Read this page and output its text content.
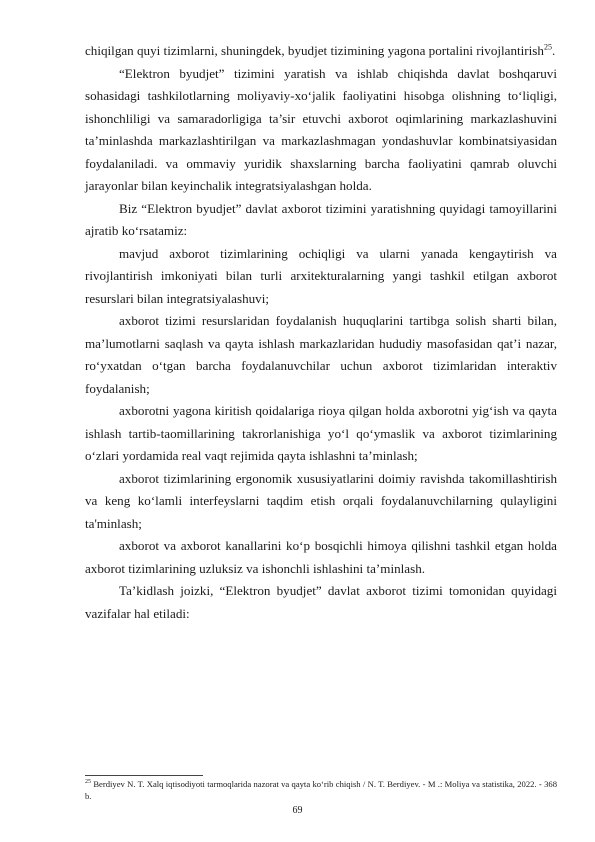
chiqilgan quyi tizimlarni, shuningdek, byudjet tizimining yagona portalini rivojlantirish$^{25}$.

“Elektron byudjet” tizimini yaratish va ishlab chiqishda davlat boshqaruvi sohasidagi tashkilotlarning moliyaviy-xo‘jalik faoliyatini hisobga olishning to‘liqligi, ishonchliligi va samaradorligiga ta’sir etuvchi axborot oqimlarining markazlashuvini ta’minlashda markazlashtirilgan va markazlashmagan yondashuvlar kombinatsiyasidan foydalaniladi. va ommaviy yuridik shaxslarning barcha faoliyatini qamrab oluvchi jarayonlar bilan keyinchalik integratsiyalashgan holda.

Biz “Elektron byudjet” davlat axborot tizimini yaratishning quyidagi tamoyillarini ajratib ko‘rsatamiz:

mavjud axborot tizimlarining ochiqligi va ularni yanada kengaytirish va rivojlantirish imkoniyati bilan turli arxitekturalarning yangi tashkil etilgan axborot resurslari bilan integratsiyalashuvi;

axborot tizimi resurslaridan foydalanish huquqlarini tartibga solish sharti bilan, ma’lumotlarni saqlash va qayta ishlash markazlaridan hududiy masofasidan qat’i nazar, ro‘yxatdan o‘tgan barcha foydalanuvchilar uchun axborot tizimlaridan interaktiv foydalanish;

axborotni yagona kiritish qoidalariga rioya qilgan holda axborotni yig‘ish va qayta ishlash tartib-taomillarining takrorlanishiga yo‘l qo‘ymaslik va axborot tizimlarining o‘zlari yordamida real vaqt rejimida qayta ishlashni ta’minlash;

axborot tizimlarining ergonomik xususiyatlarini doimiy ravishda takomillashtirish va keng ko‘lamli interfeyslarni taqdim etish orqali foydalanuvchilarning qulayligini ta'minlash;

axborot va axborot kanallarini ko‘p bosqichli himoya qilishni tashkil etgan holda axborot tizimlarining uzluksiz va ishonchli ishlashini ta’minlash.

Ta’kidlash joizki, “Elektron byudjet” davlat axborot tizimi tomonidan quyidagi vazifalar hal etiladi:

$^{25}$ Berdiyev N. T. Xalq iqtisodiyoti tarmoqlarida nazorat va qayta ko‘rib chiqish / N. T. Berdiyev. - M .: Moliya va statistika, 2022. - 368 b.
69
